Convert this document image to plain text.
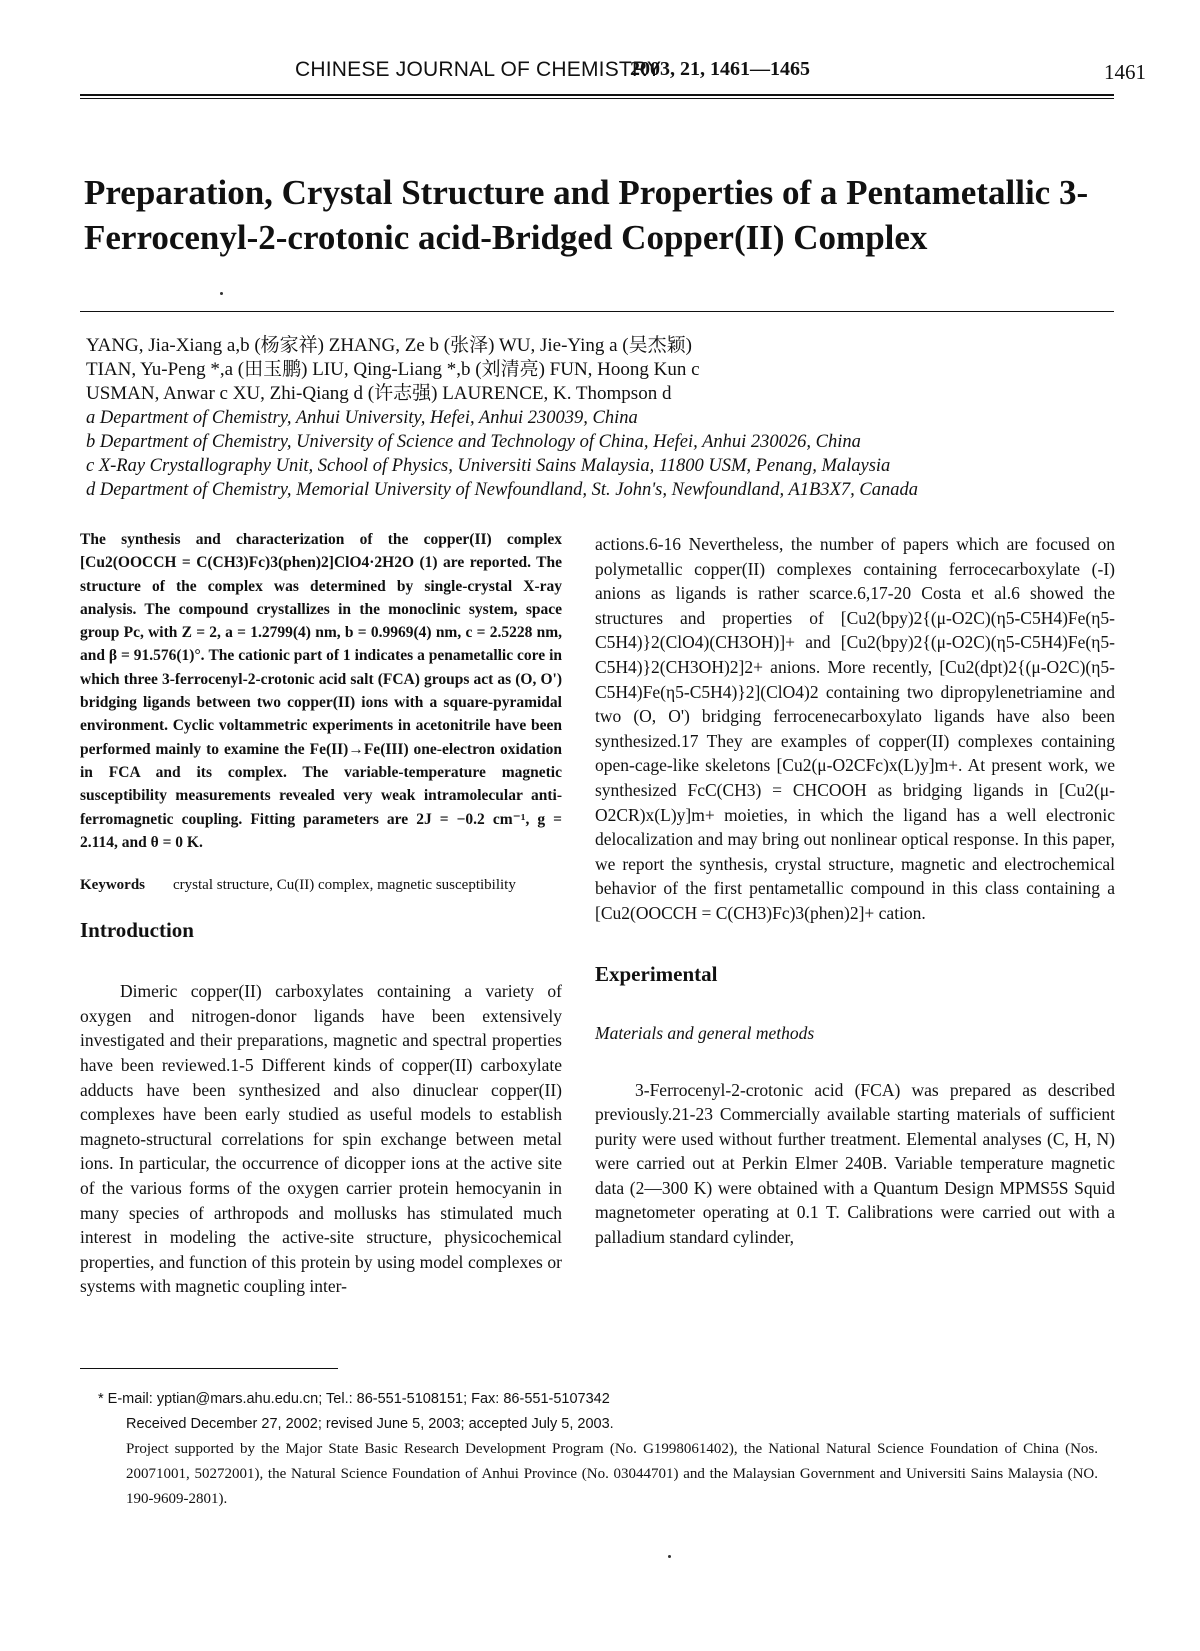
CHINESE JOURNAL OF CHEMISTRY
2003, 21, 1461—1465	1461
Preparation, Crystal Structure and Properties of a Pentametallic 3-Ferrocenyl-2-crotonic acid-Bridged Copper(II) Complex
YANG, Jia-Xiang a,b (杨家祥) ZHANG, Ze b (张泽) WU, Jie-Ying a (吴杰颖)
TIAN, Yu-Peng *,a (田玉鹏) LIU, Qing-Liang *,b (刘清亮) FUN, Hoong Kun c
USMAN, Anwar c XU, Zhi-Qiang d (许志强) LAURENCE, K. Thompson d
a Department of Chemistry, Anhui University, Hefei, Anhui 230039, China
b Department of Chemistry, University of Science and Technology of China, Hefei, Anhui 230026, China
c X-Ray Crystallography Unit, School of Physics, Universiti Sains Malaysia, 11800 USM, Penang, Malaysia
d Department of Chemistry, Memorial University of Newfoundland, St. John's, Newfoundland, A1B3X7, Canada

The synthesis and characterization of the copper(II) complex [Cu2(OOCCH = C(CH3)Fc)3(phen)2]ClO4·2H2O (1) are reported. The structure of the complex was determined by single-crystal X-ray analysis. The compound crystallizes in the monoclinic system, space group Pc, with Z = 2, a = 1.2799(4) nm, b = 0.9969(4) nm, c = 2.5228 nm, and β = 91.576(1)°. The cationic part of 1 indicates a penametallic core in which three 3-ferrocenyl-2-crotonic acid salt (FCA) groups act as (O, O') bridging ligands between two copper(II) ions with a square-pyramidal environment. Cyclic voltammetric experiments in acetonitrile have been performed mainly to examine the Fe(II)→Fe(III) one-electron oxidation in FCA and its complex. The variable-temperature magnetic susceptibility measurements revealed very weak intramolecular anti-ferromagnetic coupling. Fitting parameters are 2J = −0.2 cm⁻¹, g = 2.114, and θ = 0 K.

Keywords crystal structure, Cu(II) complex, magnetic susceptibility
Introduction

Dimeric copper(II) carboxylates containing a variety of oxygen and nitrogen-donor ligands have been extensively investigated and their preparations, magnetic and spectral properties have been reviewed.1-5 Different kinds of copper(II) carboxylate adducts have been synthesized and also dinuclear copper(II) complexes have been early studied as useful models to establish magneto-structural correlations for spin exchange between metal ions. In particular, the occurrence of dicopper ions at the active site of the various forms of the oxygen carrier protein hemocyanin in many species of arthropods and mollusks has stimulated much interest in modeling the active-site structure, physicochemical properties, and function of this protein by using model complexes or systems with magnetic coupling inter-

actions.6-16 Nevertheless, the number of papers which are focused on polymetallic copper(II) complexes containing ferrocecarboxylate (-I) anions as ligands is rather scarce.6,17-20 Costa et al.6 showed the structures and properties of [Cu2(bpy)2{(μ-O2C)(η5-C5H4)Fe(η5-C5H4)}2(ClO4)(CH3OH)]+ and [Cu2(bpy)2{(μ-O2C)(η5-C5H4)Fe(η5-C5H4)}2(CH3OH)2]2+ anions. More recently, [Cu2(dpt)2{(μ-O2C)(η5-C5H4)Fe(η5-C5H4)}2](ClO4)2 containing two dipropylenetriamine and two (O, O') bridging ferrocenecarboxylato ligands have also been synthesized.17 They are examples of copper(II) complexes containing open-cage-like skeletons [Cu2(μ-O2CFc)x(L)y]m+. At present work, we synthesized FcC(CH3) = CHCOOH as bridging ligands in [Cu2(μ-O2CR)x(L)y]m+ moieties, in which the ligand has a well electronic delocalization and may bring out nonlinear optical response. In this paper, we report the synthesis, crystal structure, magnetic and electrochemical behavior of the first pentametallic compound in this class containing a [Cu2(OOCCH = C(CH3)Fc)3(phen)2]+ cation.

Experimental

Materials and general methods

3-Ferrocenyl-2-crotonic acid (FCA) was prepared as described previously.21-23 Commercially available starting materials of sufficient purity were used without further treatment. Elemental analyses (C, H, N) were carried out at Perkin Elmer 240B. Variable temperature magnetic data (2—300 K) were obtained with a Quantum Design MPMS5S Squid magnetometer operating at 0.1 T. Calibrations were carried out with a palladium standard cylinder,

* E-mail: yptian@mars.ahu.edu.cn; Tel.: 86-551-5108151; Fax: 86-551-5107342

Received December 27, 2002; revised June 5, 2003; accepted July 5, 2003.

Project supported by the Major State Basic Research Development Program (No. G1998061402), the National Natural Science Foundation of China (Nos. 20071001, 50272001), the Natural Science Foundation of Anhui Province (No. 03044701) and the Malaysian Government and Universiti Sains Malaysia (NO. 190-9609-2801).
